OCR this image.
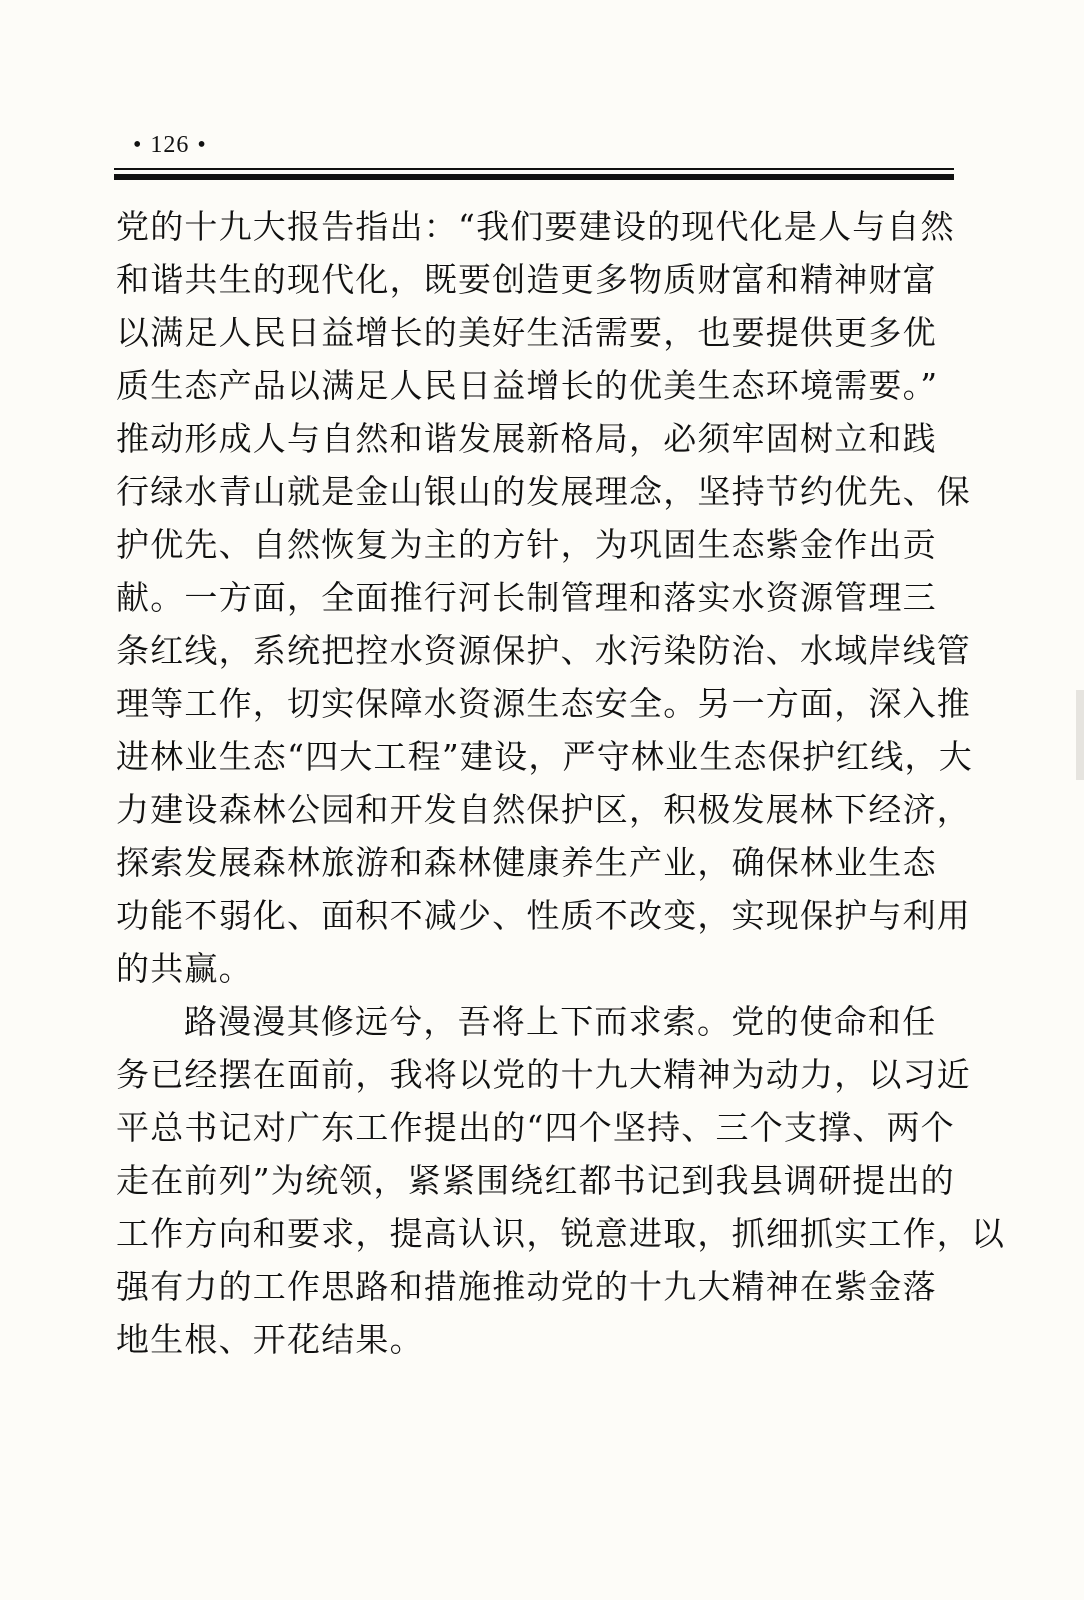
• 126 •
党的十九大报告指出：“我们要建设的现代化是人与自然
和谐共生的现代化，既要创造更多物质财富和精神财富
以满足人民日益增长的美好生活需要，也要提供更多优
质生态产品以满足人民日益增长的优美生态环境需要。”
推动形成人与自然和谐发展新格局，必须牢固树立和践
行绿水青山就是金山银山的发展理念，坚持节约优先、保
护优先、自然恢复为主的方针，为巩固生态紫金作出贡
献。一方面，全面推行河长制管理和落实水资源管理三
条红线，系统把控水资源保护、水污染防治、水域岸线管
理等工作，切实保障水资源生态安全。另一方面，深入推
进林业生态“四大工程”建设，严守林业生态保护红线，大
力建设森林公园和开发自然保护区，积极发展林下经济，
探索发展森林旅游和森林健康养生产业，确保林业生态
功能不弱化、面积不减少、性质不改变，实现保护与利用
的共赢。
路漫漫其修远兮，吾将上下而求索。党的使命和任
务已经摆在面前，我将以党的十九大精神为动力，以习近
平总书记对广东工作提出的“四个坚持、三个支撑、两个
走在前列”为统领，紧紧围绕红都书记到我县调研提出的
工作方向和要求，提高认识，锐意进取，抓细抓实工作，以
强有力的工作思路和措施推动党的十九大精神在紫金落
地生根、开花结果。
